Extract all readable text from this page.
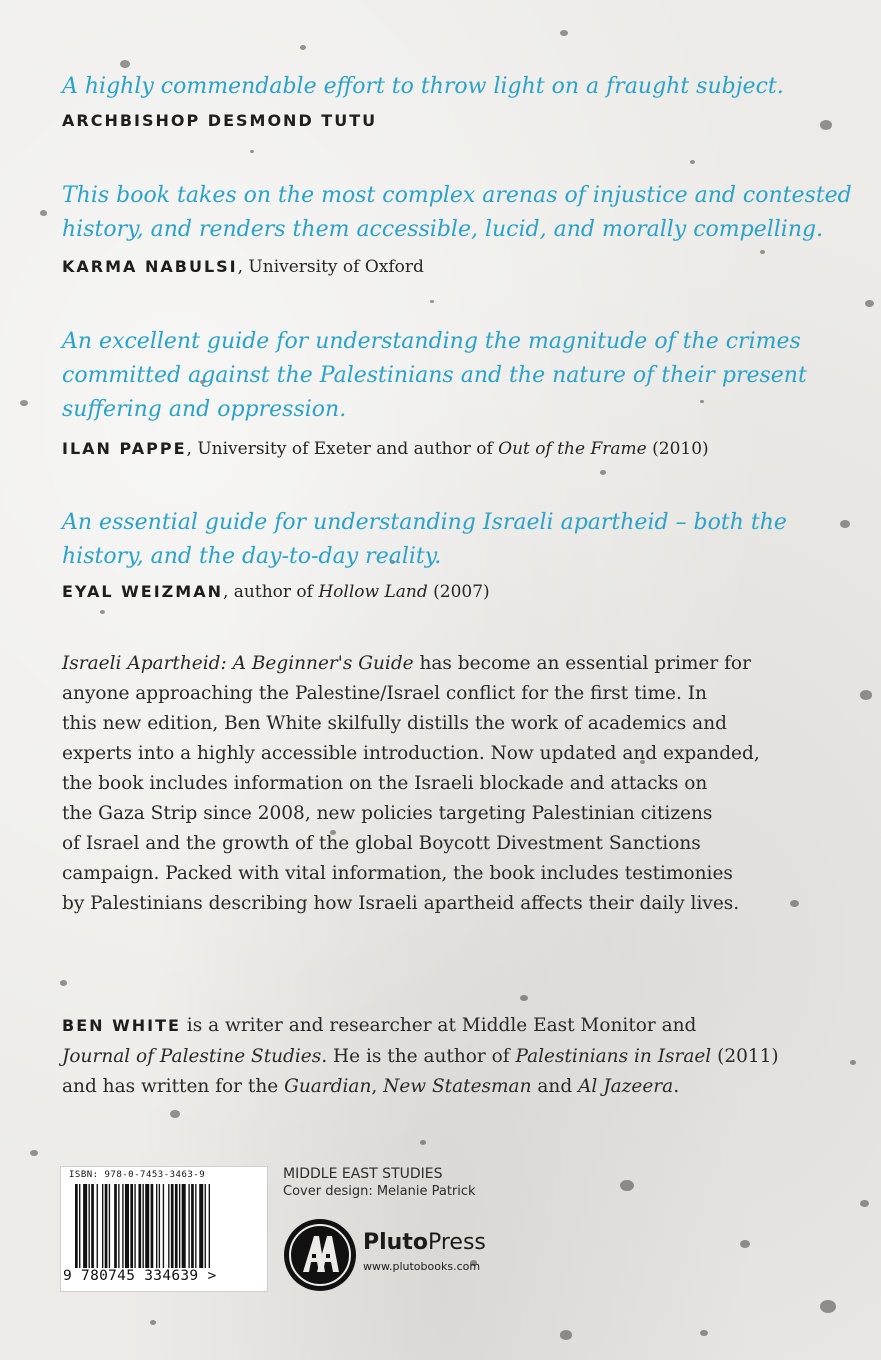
A highly commendable effort to throw light on a fraught subject.
ARCHBISHOP DESMOND TUTU
This book takes on the most complex arenas of injustice and contested
history, and renders them accessible, lucid, and morally compelling.
KARMA NABULSI, University of Oxford
An excellent guide for understanding the magnitude of the crimes
committed against the Palestinians and the nature of their present
suffering and oppression.
ILAN PAPPE, University of Exeter and author of Out of the Frame (2010)
An essential guide for understanding Israeli apartheid – both the
history, and the day-to-day reality.
EYAL WEIZMAN, author of Hollow Land (2007)
Israeli Apartheid: A Beginner's Guide has become an essential primer for
anyone approaching the Palestine/Israel conflict for the first time. In
this new edition, Ben White skilfully distills the work of academics and
experts into a highly accessible introduction. Now updated and expanded,
the book includes information on the Israeli blockade and attacks on
the Gaza Strip since 2008, new policies targeting Palestinian citizens
of Israel and the growth of the global Boycott Divestment Sanctions
campaign. Packed with vital information, the book includes testimonies
by Palestinians describing how Israeli apartheid affects their daily lives.
BEN WHITE is a writer and researcher at Middle East Monitor and
Journal of Palestine Studies. He is the author of Palestinians in Israel (2011)
and has written for the Guardian, New Statesman and Al Jazeera.
ISBN: 978-0-7453-3463-9
9 780745 334639 >
MIDDLE EAST STUDIES
Cover design: Melanie Patrick
PlutoPress
www.plutobooks.com
